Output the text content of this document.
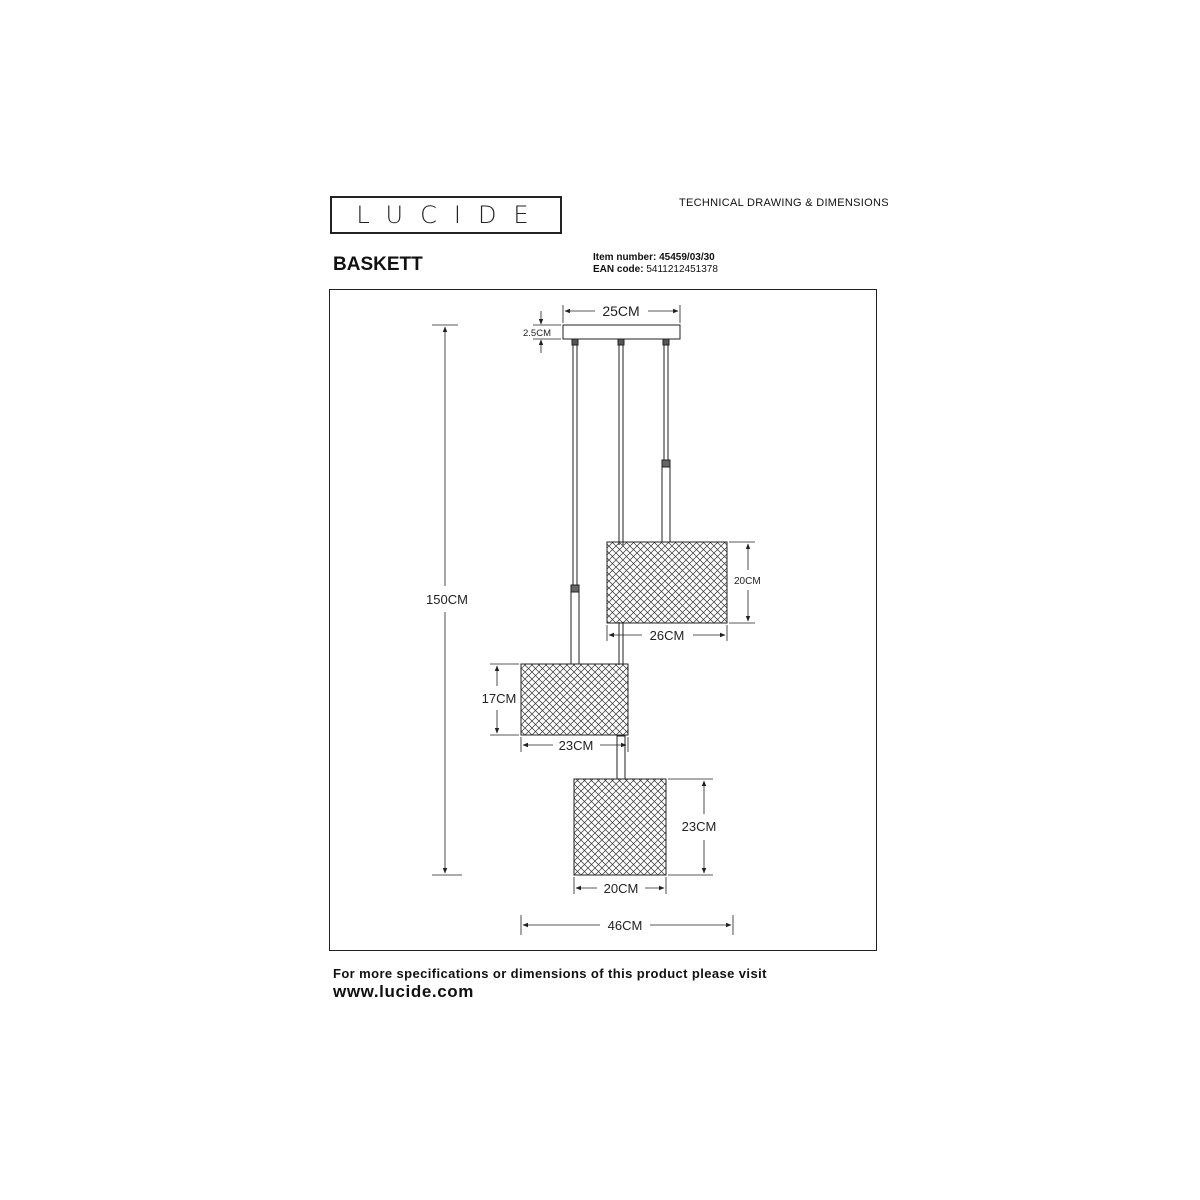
LUCIDE	TECHNICAL DRAWING & DIMENSIONS
BASKETT	Item number: 45459/03/30
EAN code: 5411212451378
25CM
2.5CM
150CM
20CM
26CM
17CM
23CM
23CM
20CM
46CM
For more specifications or dimensions of this product please visit
www.lucide.com
